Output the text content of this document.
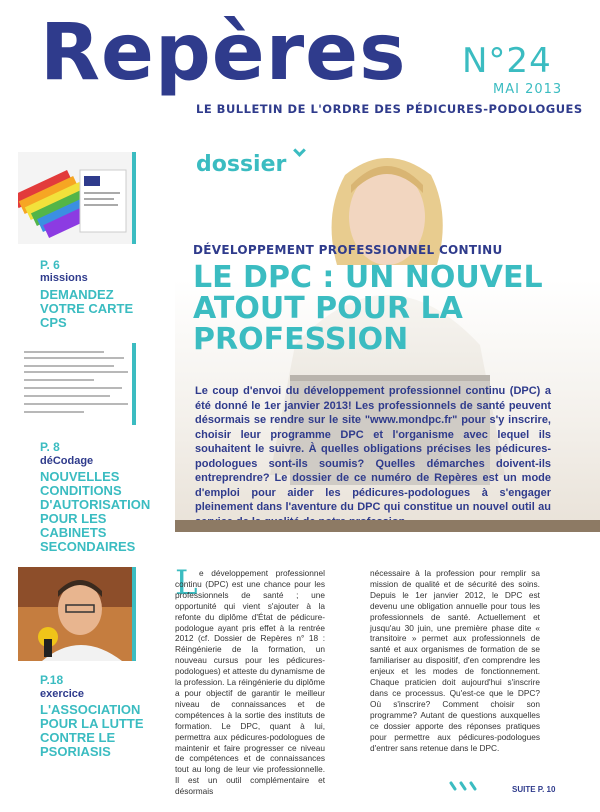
Repères N°24
MAI 2013
LE BULLETIN DE L'ORDRE DES PÉDICURES-PODOLOGUES
P. 6
missions
DEMANDEZ VOTRE CARTE CPS
P. 8
déCodage
NOUVELLES CONDITIONS D'AUTORISATION POUR LES CABINETS SECONDAIRES
P.18
exercice
L'ASSOCIATION POUR LA LUTTE CONTRE LE PSORIASIS
dossier
DÉVELOPPEMENT PROFESSIONNEL CONTINU
LE DPC : UN NOUVEL ATOUT POUR LA PROFESSION
Le coup d'envoi du développement professionnel continu (DPC) a été donné le 1er janvier 2013! Les professionnels de santé peuvent désormais se rendre sur le site "www.mondpc.fr" pour s'y inscrire, choisir leur programme DPC et l'organisme avec lequel ils souhaitent le suivre. À quelles obligations précises les pédicures-podologues sont-ils soumis? Quelles démarches doivent-ils entreprendre? Le dossier de ce numéro de Repères est un mode d'emploi pour aider les pédicures-podologues à s'engager pleinement dans l'aventure du DPC qui constitue un nouvel outil au
L e développement professionnel continu (DPC) est une chance pour les professionnels de santé ; une opportunité qui vient s'ajouter à la refonte du diplôme d'État de pédicure-podologue ayant pris effet à la rentrée 2012 (cf. Dossier de Repères n° 18 : Réingénierie de la formation, un nouveau cursus pour les pédicures-podologues) et atteste du dynamisme de la profession. La réingénierie du diplôme a pour objectif de garantir le meilleur niveau de connaissances et de compétences à la sortie des instituts de formation. Le DPC, quant à lui, permettra aux pédicures-podologues de maintenir et faire progresser ce niveau de compétences et de connaissances tout au long de leur vie professionnelle. Il est un outil complémentaire et désormais
nécessaire à la profession pour remplir sa mission de qualité et de sécurité des soins. Depuis le 1er janvier 2012, le DPC est devenu une obligation annuelle pour tous les professionnels de santé. Actuellement et jusqu'au 30 juin, une première phase dite « transitoire » permet aux professionnels de santé et aux organismes de formation de se familiariser au dispositif, d'en comprendre les enjeux et les modes de fonctionnement. Chaque praticien doit aujourd'hui s'inscrire dans ce processus. Qu'est-ce que le DPC? Où s'inscrire? Comment choisir son programme? Autant de questions auxquelles ce dossier apporte des réponses pratiques pour permettre aux pédicures-podologues d'entrer sans retenue dans le DPC.
SUITE P. 10
